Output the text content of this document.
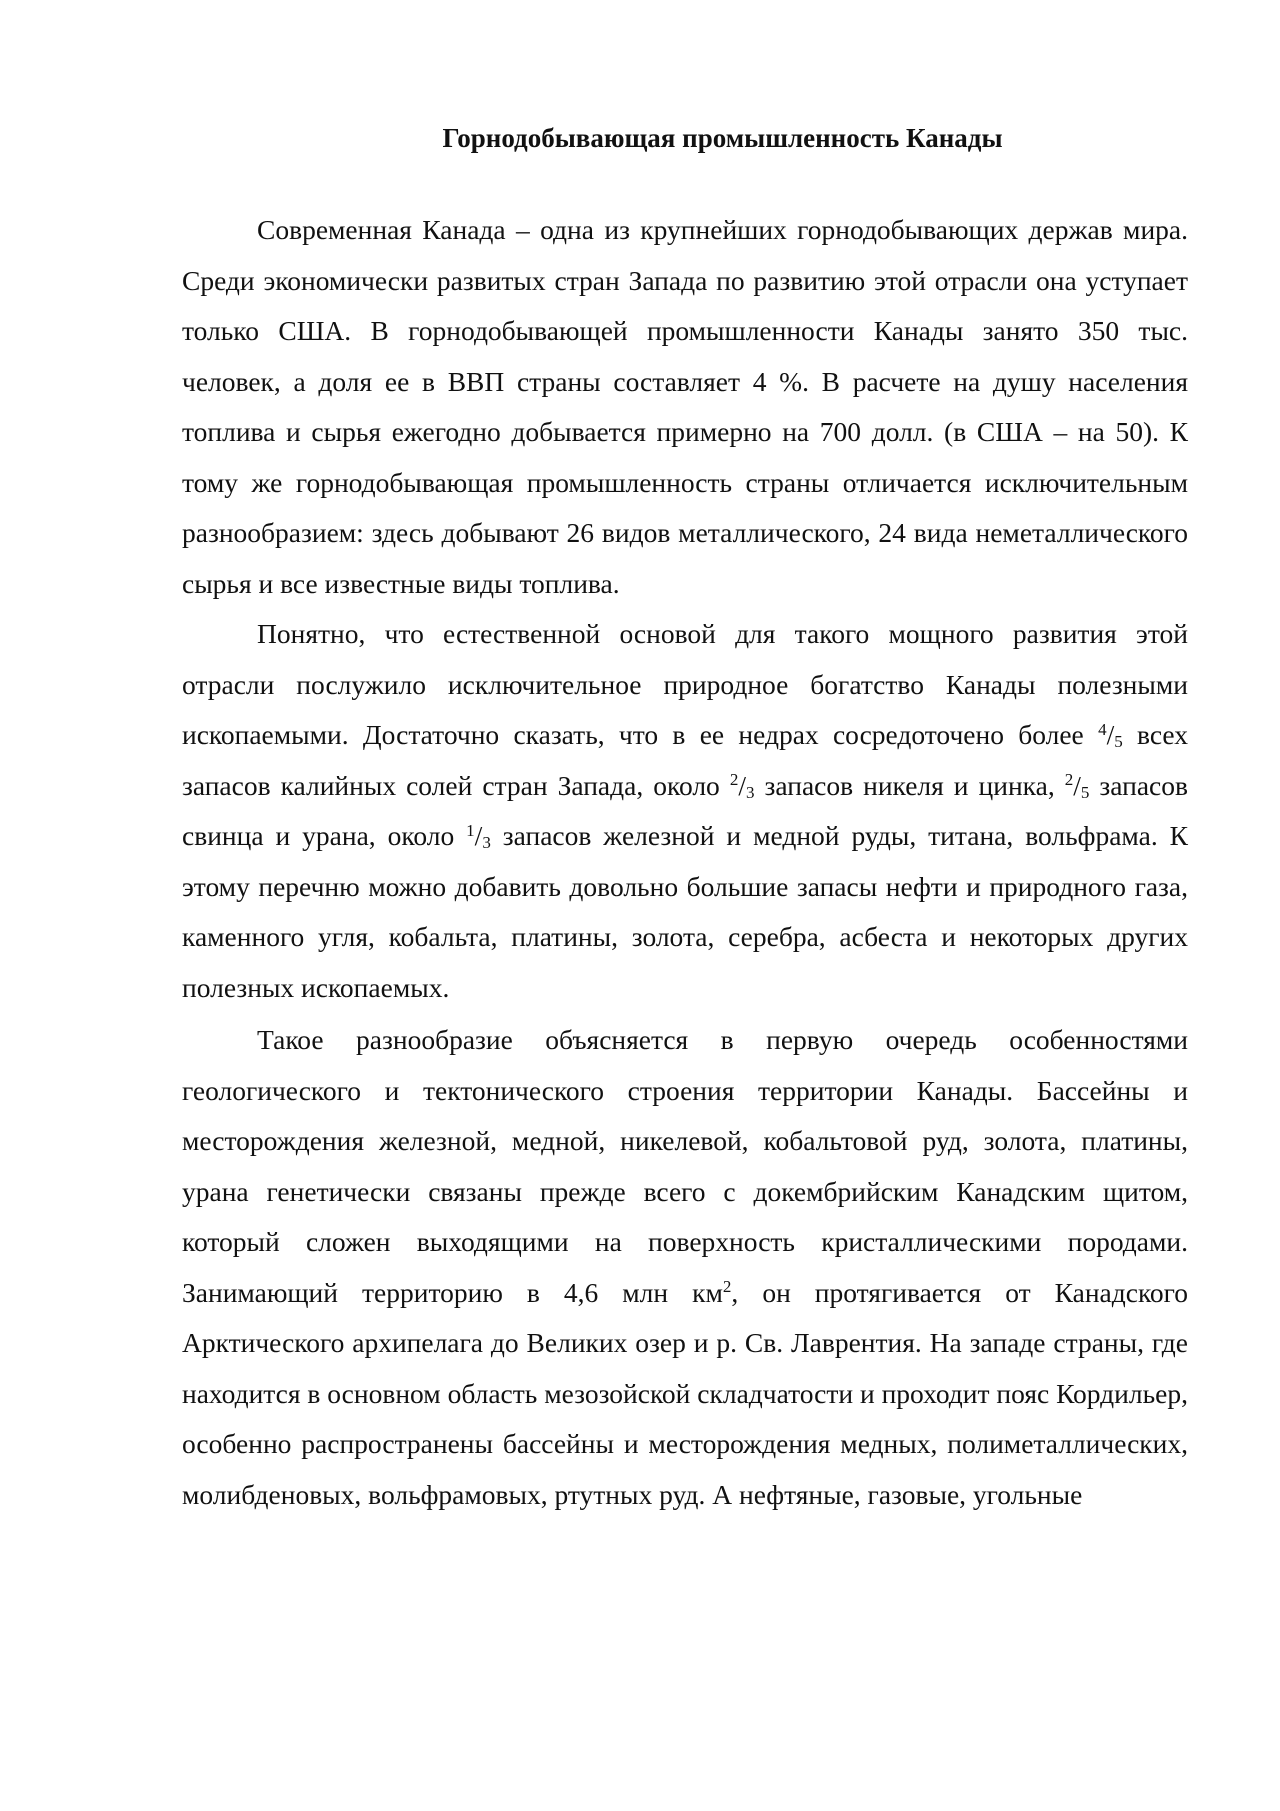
Горнодобывающая промышленность Канады

Современная Канада – одна из крупнейших горнодобывающих держав мира. Среди экономически развитых стран Запада по развитию этой отрасли она уступает только США. В горнодобывающей промышленности Канады занято 350 тыс. человек, а доля ее в ВВП страны составляет 4 %. В расчете на душу населения топлива и сырья ежегодно добывается примерно на 700 долл. (в США – на 50). К тому же горнодобывающая промышленность страны отличается исключительным разнообразием: здесь добывают 26 видов металлического, 24 вида неметаллического сырья и все известные виды топлива.

Понятно, что естественной основой для такого мощного развития этой отрасли послужило исключительное природное богатство Канады полезными ископаемыми. Достаточно сказать, что в ее недрах сосредоточено более $^4/_5$ всех запасов калийных солей стран Запада, около $^2/_3$ запасов никеля и цинка, $^2/_5$ запасов свинца и урана, около $^1/_3$ запасов железной и медной руды, титана, вольфрама. К этому перечню можно добавить довольно большие запасы нефти и природного газа, каменного угля, кобальта, платины, золота, серебра, асбеста и некоторых других полезных ископаемых.

Такое разнообразие объясняется в первую очередь особенностями геологического и тектонического строения территории Канады. Бассейны и месторождения железной, медной, никелевой, кобальтовой руд, золота, платины, урана генетически связаны прежде всего с докембрийским Канадским щитом, который сложен выходящими на поверхность кристаллическими породами. Занимающий территорию в 4,6 млн $км^2$, он протягивается от Канадского Арктического архипелага до Великих озер и р. Св. Лаврентия. На западе страны, где находится в основном область мезозойской складчатости и проходит пояс Кордильер, особенно распространены бассейны и месторождения медных, полиметаллических, молибденовых, вольфрамовых, ртутных руд. А нефтяные, газовые, угольные
